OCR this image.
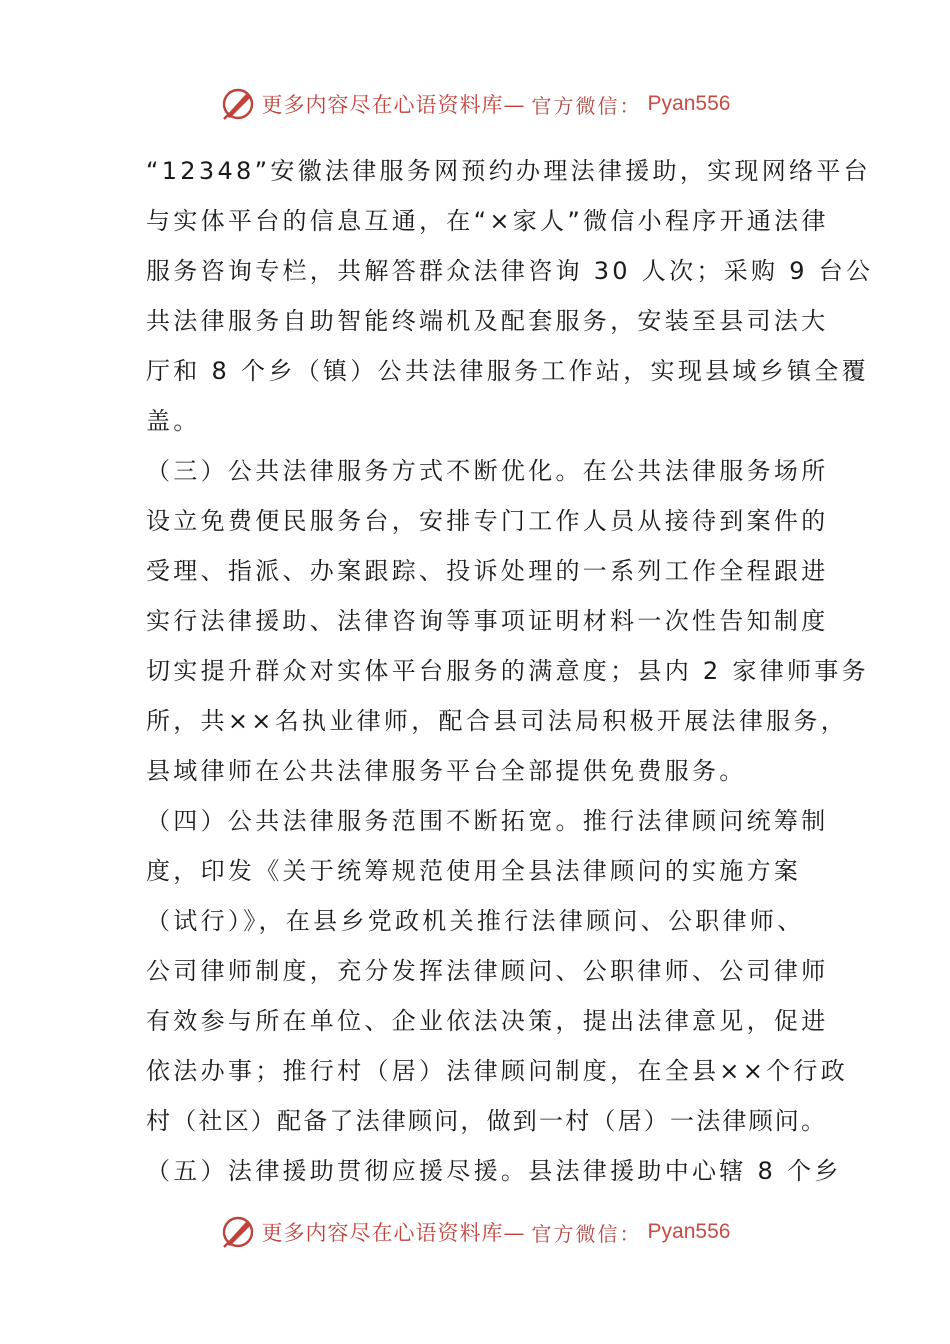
更多内容尽在心语资料库— 官方微信： Pyan556
“12348”安徽法律服务网预约办理法律援助，实现网络平台
与实体平台的信息互通，在“×家人”微信小程序开通法律
服务咨询专栏，共解答群众法律咨询 30 人次；采购 9 台公
共法律服务自助智能终端机及配套服务，安装至县司法大
厅和 8 个乡（镇）公共法律服务工作站，实现县域乡镇全覆
盖。
（三）公共法律服务方式不断优化。在公共法律服务场所
设立免费便民服务台，安排专门工作人员从接待到案件的
受理、指派、办案跟踪、投诉处理的一系列工作全程跟进
实行法律援助、法律咨询等事项证明材料一次性告知制度
切实提升群众对实体平台服务的满意度；县内 2 家律师事务
所，共××名执业律师，配合县司法局积极开展法律服务，
县域律师在公共法律服务平台全部提供免费服务。
（四）公共法律服务范围不断拓宽。推行法律顾问统筹制
度，印发《关于统筹规范使用全县法律顾问的实施方案
（试行）》，在县乡党政机关推行法律顾问、公职律师、
公司律师制度，充分发挥法律顾问、公职律师、公司律师
有效参与所在单位、企业依法决策，提出法律意见，促进
依法办事；推行村（居）法律顾问制度，在全县××个行政
村（社区）配备了法律顾问，做到一村（居）一法律顾问。
（五）法律援助贯彻应援尽援。县法律援助中心辖 8 个乡
更多内容尽在心语资料库— 官方微信： Pyan556
